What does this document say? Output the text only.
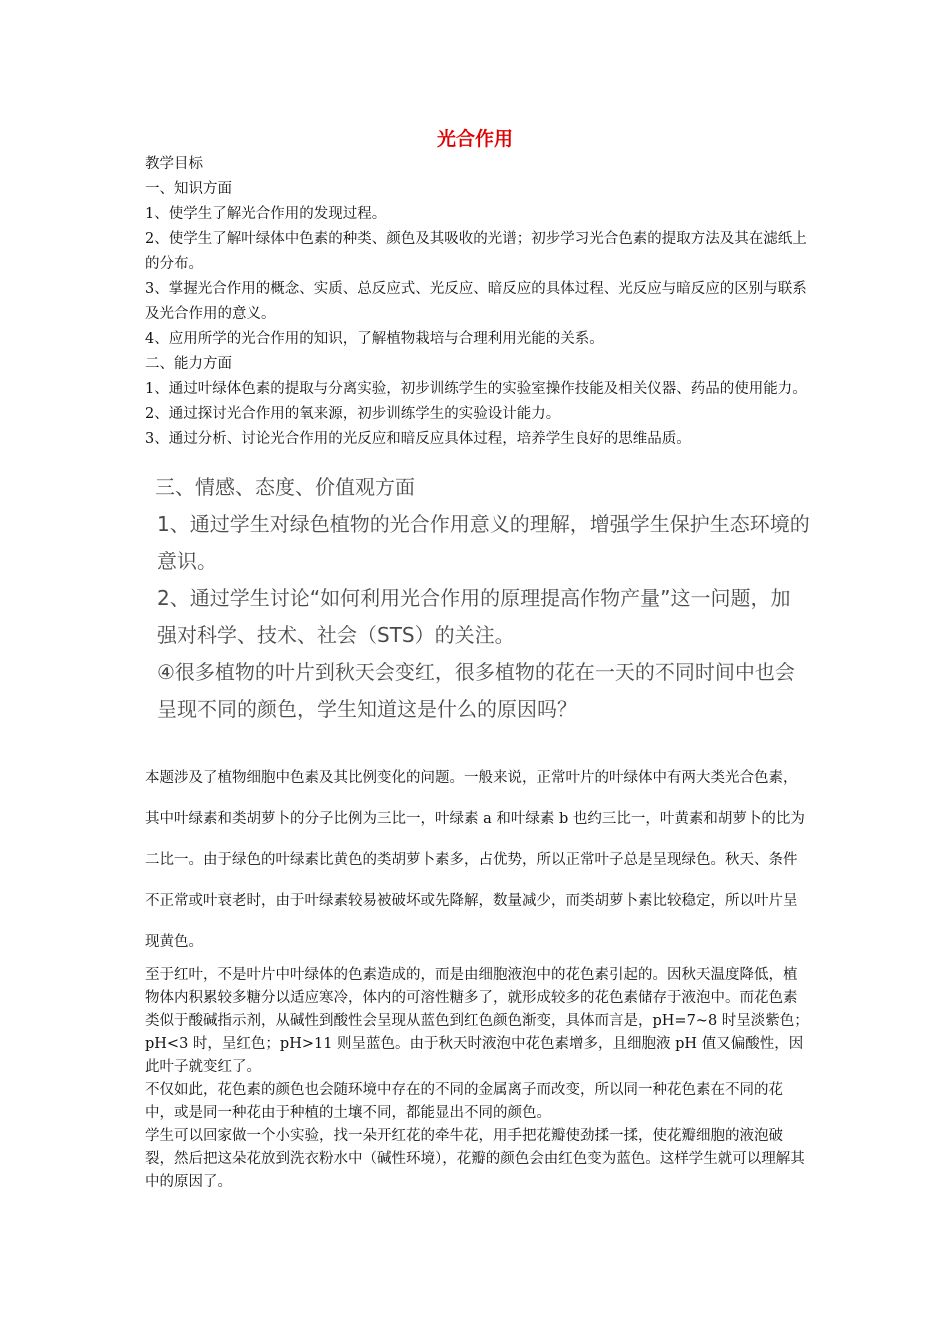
光合作用

教学目标

一、知识方面

1、使学生了解光合作用的发现过程。

2、使学生了解叶绿体中色素的种类、颜色及其吸收的光谱；初步学习光合色素的提取方法及其在滤纸上的分布。

3、掌握光合作用的概念、实质、总反应式、光反应、暗反应的具体过程、光反应与暗反应的区别与联系及光合作用的意义。

4、应用所学的光合作用的知识，了解植物栽培与合理利用光能的关系。

二、能力方面

1、通过叶绿体色素的提取与分离实验，初步训练学生的实验室操作技能及相关仪器、药品的使用能力。

2、通过探讨光合作用的氧来源，初步训练学生的实验设计能力。

3、通过分析、讨论光合作用的光反应和暗反应具体过程，培养学生良好的思维品质。

三、情感、态度、价值观方面

1、通过学生对绿色植物的光合作用意义的理解，增强学生保护生态环境的意识。

2、通过学生讨论“如何利用光合作用的原理提高作物产量”这一问题，加强对科学、技术、社会（STS）的关注。

④很多植物的叶片到秋天会变红，很多植物的花在一天的不同时间中也会呈现不同的颜色，学生知道这是什么的原因吗？

本题涉及了植物细胞中色素及其比例变化的问题。一般来说，正常叶片的叶绿体中有两大类光合色素，其中叶绿素和类胡萝卜的分子比例为三比一，叶绿素 a 和叶绿素 b 也约三比一，叶黄素和胡萝卜的比为二比一。由于绿色的叶绿素比黄色的类胡萝卜素多，占优势，所以正常叶子总是呈现绿色。秋天、条件不正常或叶衰老时，由于叶绿素较易被破坏或先降解，数量减少，而类胡萝卜素比较稳定，所以叶片呈现黄色。

至于红叶，不是叶片中叶绿体的色素造成的，而是由细胞液泡中的花色素引起的。因秋天温度降低，植物体内积累较多糖分以适应寒冷，体内的可溶性糖多了，就形成较多的花色素储存于液泡中。而花色素类似于酸碱指示剂，从碱性到酸性会呈现从蓝色到红色颜色渐变，具体而言是，pH=7~8 时呈淡紫色；pH<3 时，呈红色；pH>11 则呈蓝色。由于秋天时液泡中花色素增多，且细胞液 pH 值又偏酸性，因此叶子就变红了。

不仅如此，花色素的颜色也会随环境中存在的不同的金属离子而改变，所以同一种花色素在不同的花中，或是同一种花由于种植的土壤不同，都能显出不同的颜色。

学生可以回家做一个小实验，找一朵开红花的牵牛花，用手把花瓣使劲揉一揉，使花瓣细胞的液泡破裂，然后把这朵花放到洗衣粉水中（碱性环境），花瓣的颜色会由红色变为蓝色。这样学生就可以理解其中的原因了。
